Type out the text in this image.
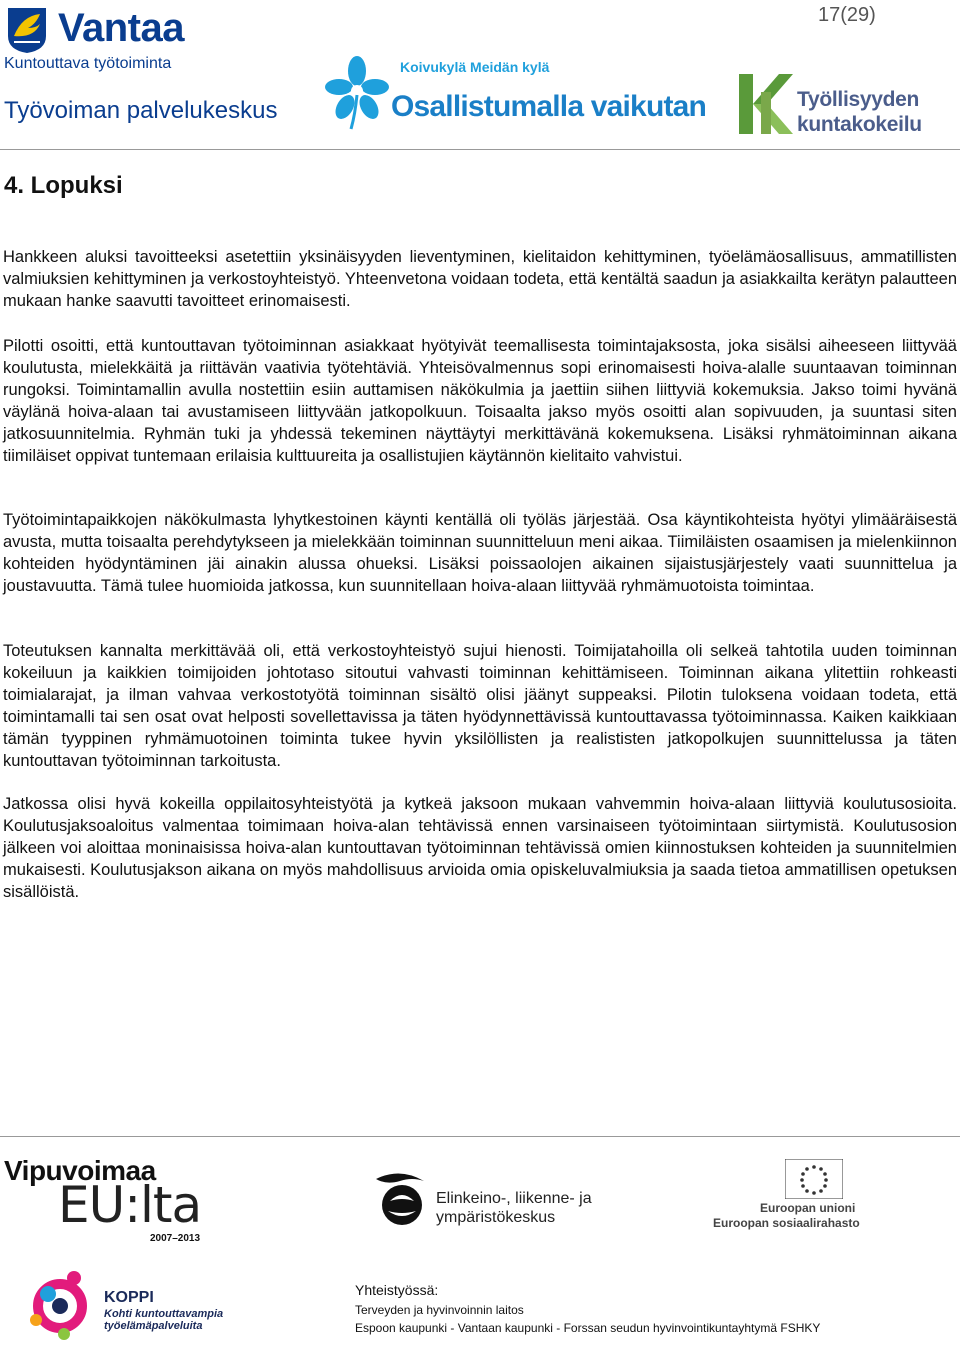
Vantaa
Kuntouttava työtoiminta
Työvoiman palvelukeskus
17(29)
Koivukylä Meidän kylä
Osallistumalla vaikutan	Työllisyyden
kuntakokeilu
4. Lopuksi
Hankkeen aluksi tavoitteeksi asetettiin yksinäisyyden lieventyminen, kielitaidon kehittyminen, työelämäosallisuus, ammatillisten valmiuksien kehittyminen ja verkostoyhteistyö. Yhteenvetona voidaan todeta, että kentältä saadun ja asiakkailta kerätyn palautteen mukaan hanke saavutti tavoitteet erinomaisesti.
Pilotti osoitti, että kuntouttavan työtoiminnan asiakkaat hyötyivät teemallisesta toimintajaksosta, joka sisälsi aiheeseen liittyvää koulutusta, mielekkäitä ja riittävän vaativia työtehtäviä. Yhteisövalmennus sopi erinomaisesti hoiva-alalle suuntaavan toiminnan rungoksi. Toimintamallin avulla nostettiin esiin auttamisen näkökulmia ja jaettiin siihen liittyviä kokemuksia. Jakso toimi hyvänä väylänä hoiva-alaan tai avustamiseen liittyvään jatkopolkuun. Toisaalta jakso myös osoitti alan sopivuuden, ja suuntasi siten jatkosuunnitelmia. Ryhmän tuki ja yhdessä tekeminen näyttäytyi merkittävänä kokemuksena. Lisäksi ryhmätoiminnan aikana tiimiläiset oppivat tuntemaan erilaisia kulttuureita ja osallistujien käytännön kielitaito vahvistui.
Työtoimintapaikkojen näkökulmasta lyhytkestoinen käynti kentällä oli työläs järjestää. Osa käyntikohteista hyötyi ylimääräisestä avusta, mutta toisaalta perehdytykseen ja mielekkään toiminnan suunnitteluun meni aikaa. Tiimiläisten osaamisen ja mielenkiinnon kohteiden hyödyntäminen jäi ainakin alussa ohueksi. Lisäksi poissaolojen aikainen sijaistusjärjestely vaati suunnittelua ja joustavuutta. Tämä tulee huomioida jatkossa, kun suunnitellaan hoiva-alaan liittyvää ryhmämuotoista toimintaa.
Toteutuksen kannalta merkittävää oli, että verkostoyhteistyö sujui hienosti. Toimijatahoilla oli selkeä tahtotila uuden toiminnan kokeiluun ja kaikkien toimijoiden johtotaso sitoutui vahvasti toiminnan kehittämiseen. Toiminnan aikana ylitettiin rohkeasti toimialarajat, ja ilman vahvaa verkostotyötä toiminnan sisältö olisi jäänyt suppeaksi. Pilotin tuloksena voidaan todeta, että toimintamalli tai sen osat ovat helposti sovellettavissa ja täten hyödynnettävissä kuntouttavassa työtoiminnassa. Kaiken kaikkiaan tämän tyyppinen ryhmämuotoinen toiminta tukee hyvin yksilöllisten ja realististen jatkopolkujen suunnittelussa ja täten kuntouttavan työtoiminnan tarkoitusta.
Jatkossa olisi hyvä kokeilla oppilaitosyhteistyötä ja kytkeä jaksoon mukaan vahvemmin hoiva-alaan liittyviä koulutusosioita. Koulutusjaksoaloitus valmentaa toimimaan hoiva-alan tehtävissä ennen varsinaiseen työtoimintaan siirtymistä. Koulutusosion jälkeen voi aloittaa moninaisissa hoiva-alan kuntouttavan työtoiminnan tehtävissä omien kiinnostuksen kohteiden ja suunnitelmien mukaisesti. Koulutusjakson aikana on myös mahdollisuus arvioida omia opiskeluvalmiuksia ja saada tietoa ammatillisen opetuksen sisällöistä.
Vipuvoimaa
EU:lta
2007–2013
Elinkeino-, liikenne- ja
ympäristökeskus
Euroopan unioni
Euroopan sosiaalirahasto
KOPPI
Kohti kuntouttavampia
työelämäpalveluita
Yhteistyössä:
Terveyden ja hyvinvoinnin laitos
Espoon kaupunki - Vantaan kaupunki - Forssan seudun hyvinvointikuntayhtymä FSHKY
